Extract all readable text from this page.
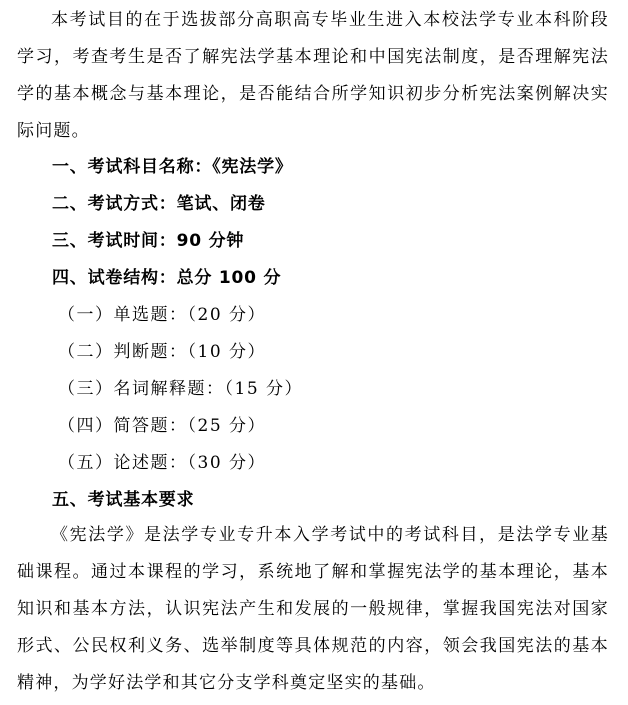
本考试目的在于选拔部分高职高专毕业生进入本校法学专业本科阶段学习，考查考生是否了解宪法学基本理论和中国宪法制度，是否理解宪法学的基本概念与基本理论，是否能结合所学知识初步分析宪法案例解决实际问题。

一、考试科目名称：《宪法学》

二、考试方式：笔试、闭卷

三、考试时间：90 分钟

四、试卷结构：总分 100 分

（一）单选题：（20 分）

（二）判断题：（10 分）

（三）名词解释题：（15 分）

（四）简答题：（25 分）

（五）论述题：（30 分）

五、考试基本要求

《宪法学》是法学专业专升本入学考试中的考试科目，是法学专业基础课程。通过本课程的学习，系统地了解和掌握宪法学的基本理论，基本知识和基本方法，认识宪法产生和发展的一般规律，掌握我国宪法对国家形式、公民权利义务、选举制度等具体规范的内容，领会我国宪法的基本精神，为学好法学和其它分支学科奠定坚实的基础。
